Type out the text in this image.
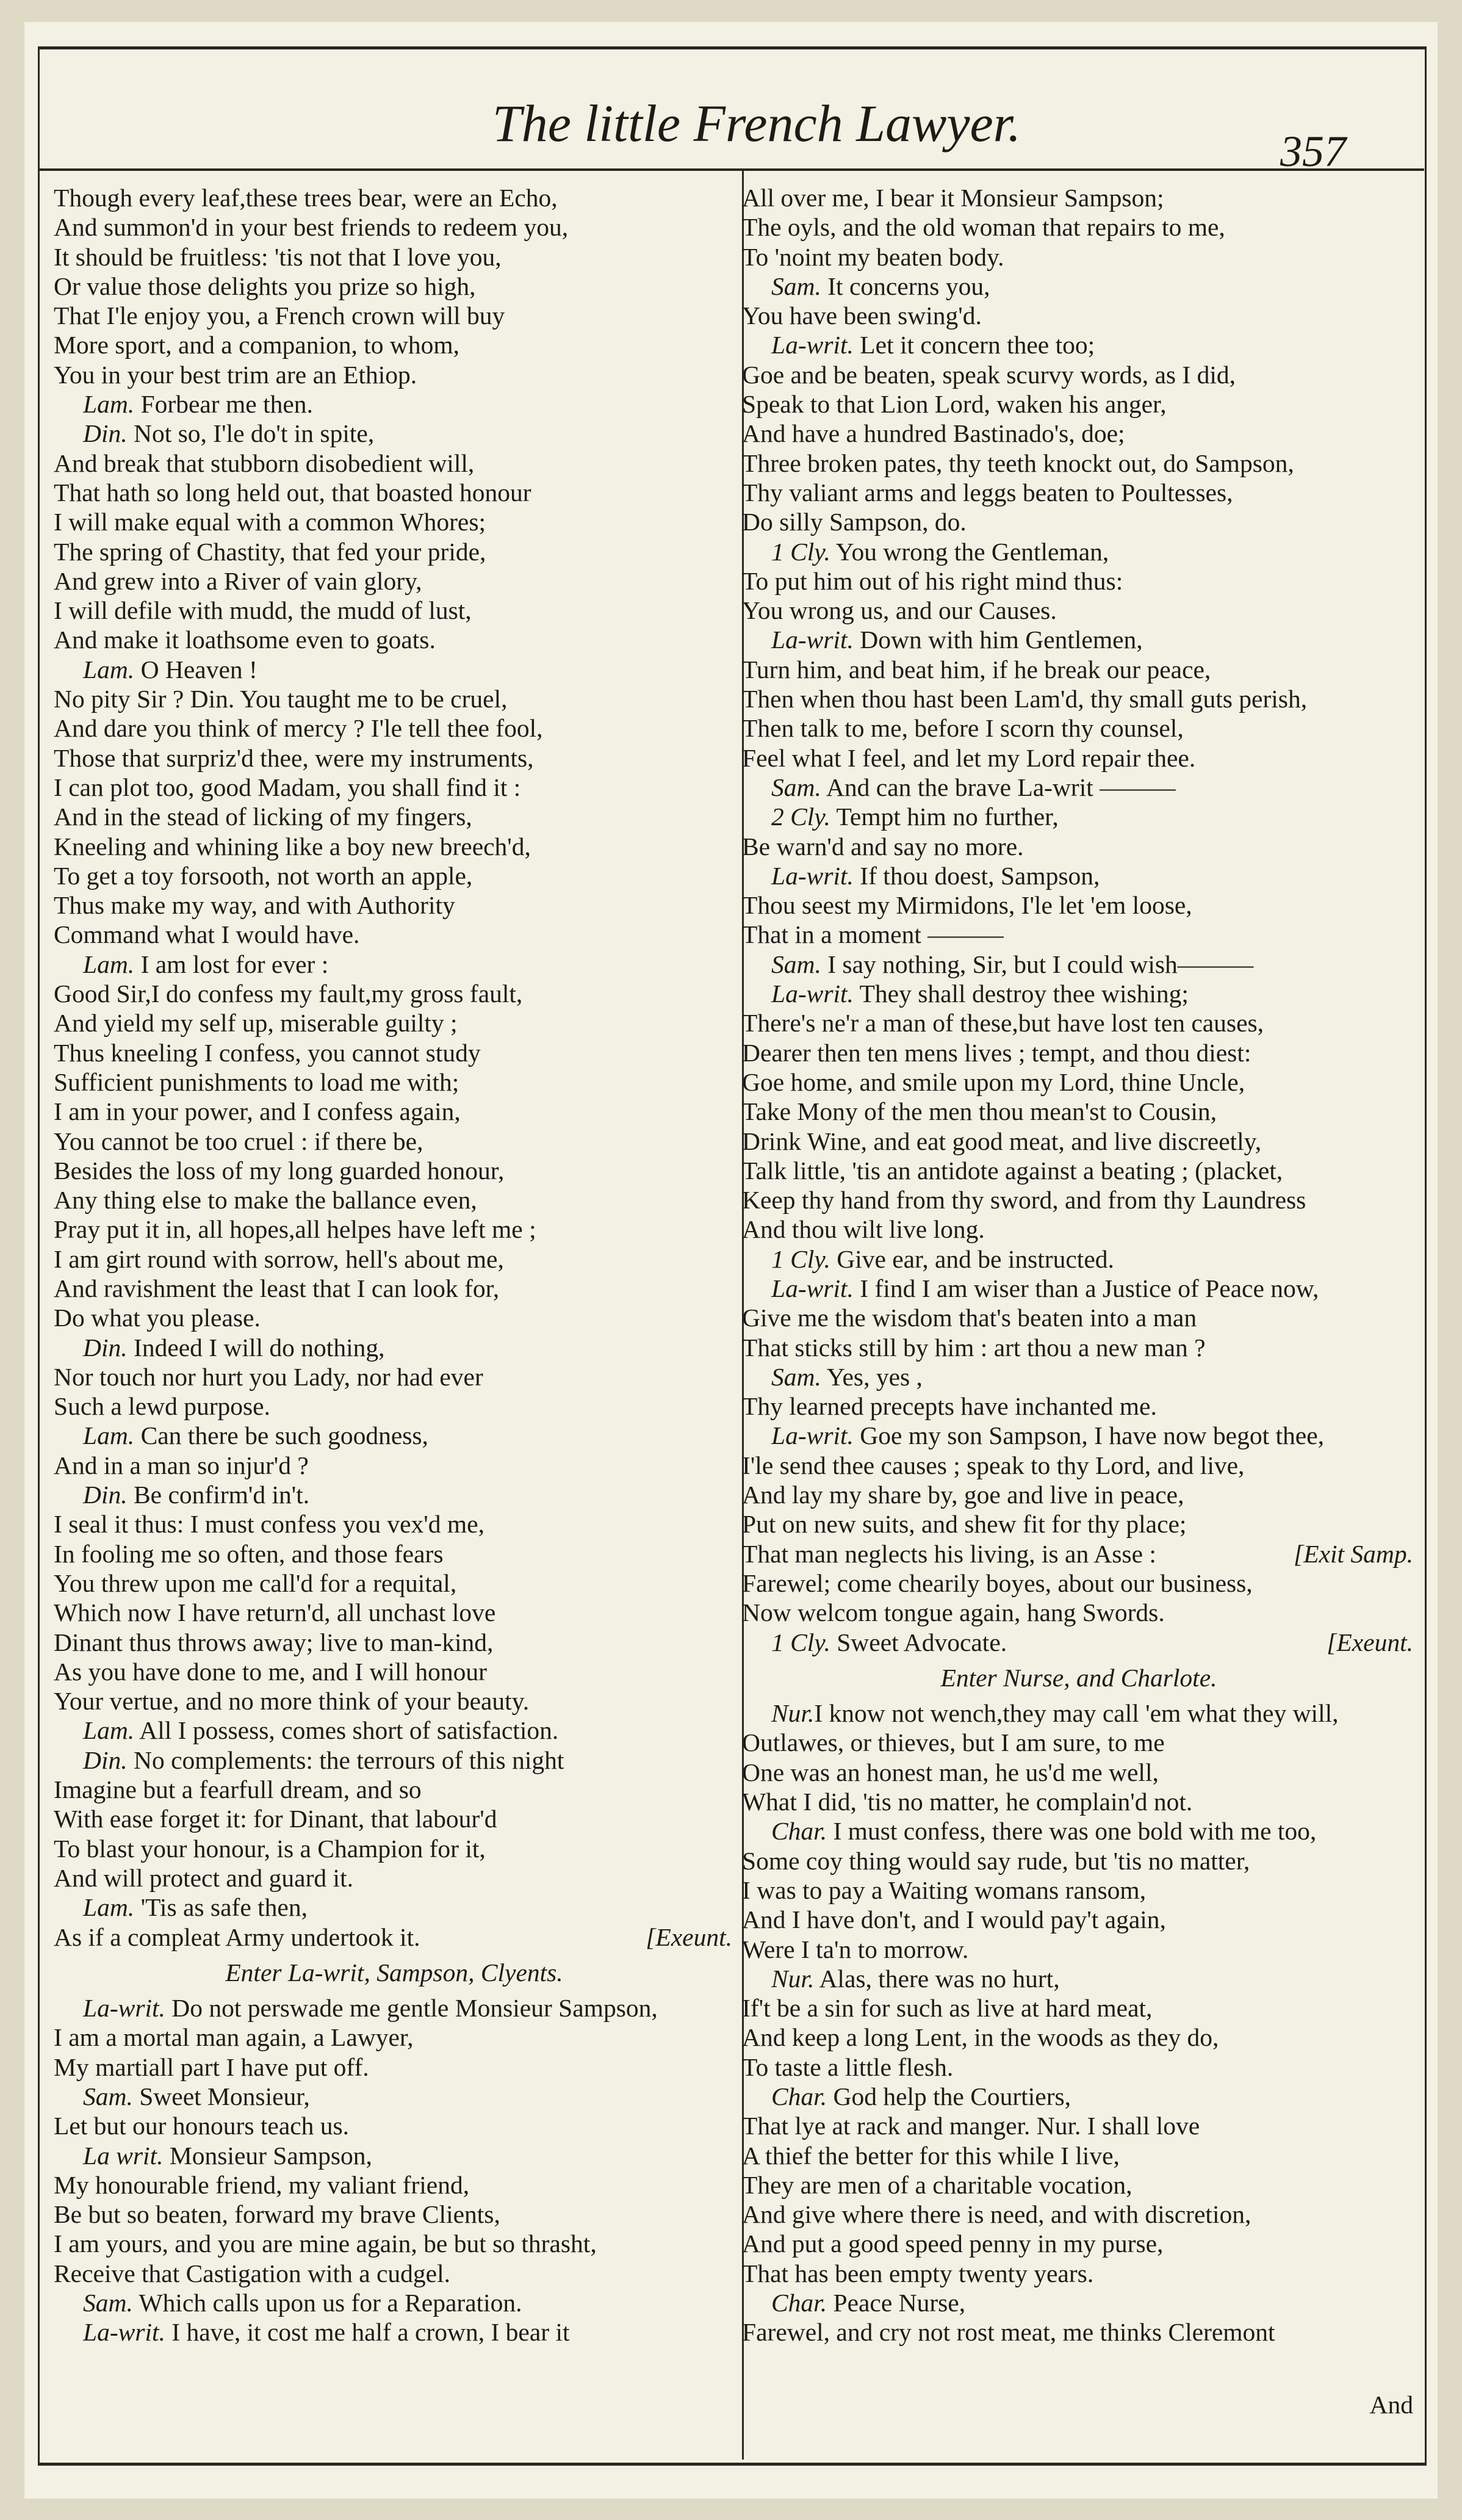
The little French Lawyer.	357
Though every leaf,these trees bear, were an Echo,
And summon'd in your best friends to redeem you,
It should be fruitless: 'tis not that I love you,
Or value those delights you prize so high,
That I'le enjoy you, a French crown will buy
More sport, and a companion, to whom,
You in your best trim are an Ethiop.
Lam. Forbear me then.
Din. Not so, I'le do't in spite,
And break that stubborn disobedient will,
That hath so long held out, that boasted honour
I will make equal with a common Whores;
The spring of Chastity, that fed your pride,
And grew into a River of vain glory,
I will defile with mudd, the mudd of lust,
And make it loathsome even to goats.
Lam. O Heaven !
No pity Sir ? Din. You taught me to be cruel,
And dare you think of mercy ? I'le tell thee fool,
Those that surpriz'd thee, were my instruments,
I can plot too, good Madam, you shall find it :
And in the stead of licking of my fingers,
Kneeling and whining like a boy new breech'd,
To get a toy forsooth, not worth an apple,
Thus make my way, and with Authority
Command what I would have.
Lam. I am lost for ever :
Good Sir,I do confess my fault,my gross fault,
And yield my self up, miserable guilty ;
Thus kneeling I confess, you cannot study
Sufficient punishments to load me with;
I am in your power, and I confess again,
You cannot be too cruel : if there be,
Besides the loss of my long guarded honour,
Any thing else to make the ballance even,
Pray put it in, all hopes,all helpes have left me ;
I am girt round with sorrow, hell's about me,
And ravishment the least that I can look for,
Do what you please.
Din. Indeed I will do nothing,
Nor touch nor hurt you Lady, nor had ever
Such a lewd purpose.
Lam. Can there be such goodness,
And in a man so injur'd ?
Din. Be confirm'd in't.
I seal it thus: I must confess you vex'd me,
In fooling me so often, and those fears
You threw upon me call'd for a requital,
Which now I have return'd, all unchast love
Dinant thus throws away; live to man-kind,
As you have done to me, and I will honour
Your vertue, and no more think of your beauty.
Lam. All I possess, comes short of satisfaction.
Din. No complements: the terrours of this night
Imagine but a fearfull dream, and so
With ease forget it: for Dinant, that labour'd
To blast your honour, is a Champion for it,
And will protect and guard it.
Lam. 'Tis as safe then,
As if a compleat Army undertook it.	[Exeunt.
Enter La-writ, Sampson, Clyents.
La-writ. Do not perswade me gentle Monsieur Sampson,
I am a mortal man again, a Lawyer,
My martiall part I have put off.
Sam. Sweet Monsieur,
Let but our honours teach us.
La writ. Monsieur Sampson,
My honourable friend, my valiant friend,
Be but so beaten, forward my brave Clients,
I am yours, and you are mine again, be but so thrasht,
Receive that Castigation with a cudgel.
Sam. Which calls upon us for a Reparation.
La-writ. I have, it cost me half a crown, I bear it
All over me, I bear it Monsieur Sampson;
The oyls, and the old woman that repairs to me,
To 'noint my beaten body.
Sam. It concerns you,
You have been swing'd.
La-writ. Let it concern thee too;
Goe and be beaten, speak scurvy words, as I did,
Speak to that Lion Lord, waken his anger,
And have a hundred Bastinado's, doe;
Three broken pates, thy teeth knockt out, do Sampson,
Thy valiant arms and leggs beaten to Poultesses,
Do silly Sampson, do.
1 Cly. You wrong the Gentleman,
To put him out of his right mind thus:
You wrong us, and our Causes.
La-writ. Down with him Gentlemen,
Turn him, and beat him, if he break our peace,
Then when thou hast been Lam'd, thy small guts perish,
Then talk to me, before I scorn thy counsel,
Feel what I feel, and let my Lord repair thee.
Sam. And can the brave La-writ ———
2 Cly. Tempt him no further,
Be warn'd and say no more.
La-writ. If thou doest, Sampson,
Thou seest my Mirmidons, I'le let 'em loose,
That in a moment ———
Sam. I say nothing, Sir, but I could wish———
La-writ. They shall destroy thee wishing;
There's ne'r a man of these,but have lost ten causes,
Dearer then ten mens lives ; tempt, and thou diest:
Goe home, and smile upon my Lord, thine Uncle,
Take Mony of the men thou mean'st to Cousin,
Drink Wine, and eat good meat, and live discreetly,
Talk little, 'tis an antidote against a beating ; (placket,
Keep thy hand from thy sword, and from thy Laundress
And thou wilt live long.
1 Cly. Give ear, and be instructed.
La-writ. I find I am wiser than a Justice of Peace now,
Give me the wisdom that's beaten into a man
That sticks still by him : art thou a new man ?
Sam. Yes, yes ,
Thy learned precepts have inchanted me.
La-writ. Goe my son Sampson, I have now begot thee,
I'le send thee causes ; speak to thy Lord, and live,
And lay my share by, goe and live in peace,
Put on new suits, and shew fit for thy place;
That man neglects his living, is an Asse :	[Exit Samp.
Farewel; come chearily boyes, about our business,
Now welcom tongue again, hang Swords.
1 Cly. Sweet Advocate.	[Exeunt.
Enter Nurse, and Charlote.
Nur.I know not wench,they may call 'em what they will,
Outlawes, or thieves, but I am sure, to me
One was an honest man, he us'd me well,
What I did, 'tis no matter, he complain'd not.
Char. I must confess, there was one bold with me too,
Some coy thing would say rude, but 'tis no matter,
I was to pay a Waiting womans ransom,
And I have don't, and I would pay't again,
Were I ta'n to morrow.
Nur. Alas, there was no hurt,
If't be a sin for such as live at hard meat,
And keep a long Lent, in the woods as they do,
To taste a little flesh.
Char. God help the Courtiers,
That lye at rack and manger. Nur. I shall love
A thief the better for this while I live,
They are men of a charitable vocation,
And give where there is need, and with discretion,
And put a good speed penny in my purse,
That has been empty twenty years.
Char. Peace Nurse,
Farewel, and cry not rost meat, me thinks Cleremont
And
